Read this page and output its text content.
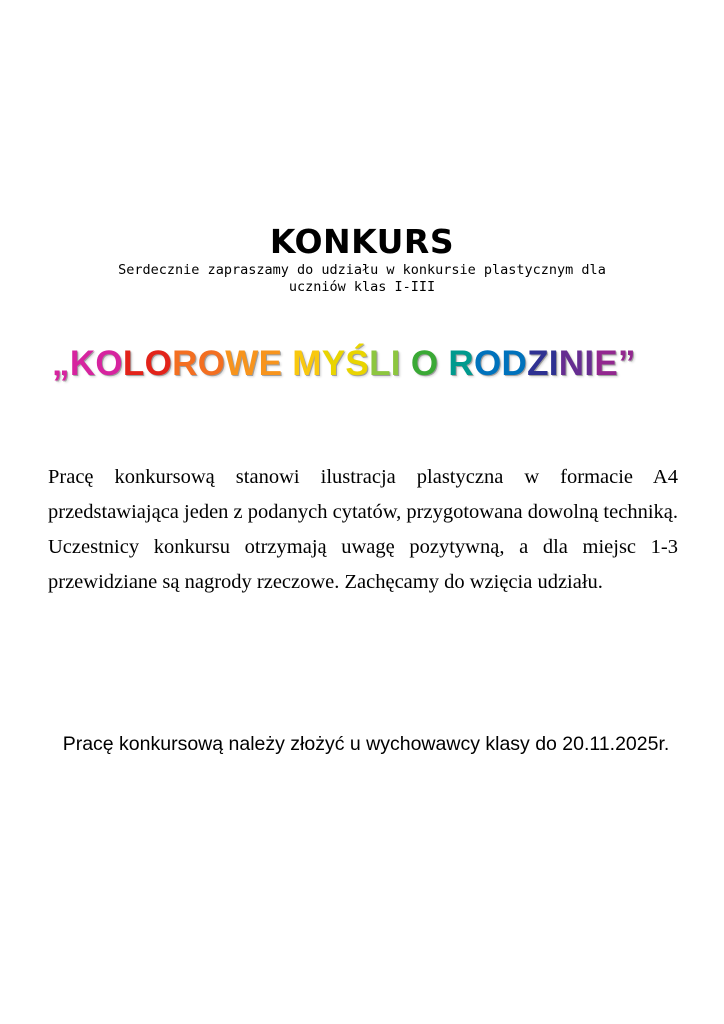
KONKURS

Serdecznie zapraszamy do udziału w konkursie plastycznym dla uczniów klas I-III

„KOLOROWE MYŚLI O RODZINIE”

Pracę konkursową stanowi ilustracja plastyczna w formacie A4 przedstawiająca jeden z podanych cytatów, przygotowana dowolną techniką. Uczestnicy konkursu otrzymają uwagę pozytywną, a dla miejsc 1-3 przewidziane są nagrody rzeczowe. Zachęcamy do wzięcia udziału.

Pracę konkursową należy złożyć u wychowawcy klasy do 20.11.2025r.
